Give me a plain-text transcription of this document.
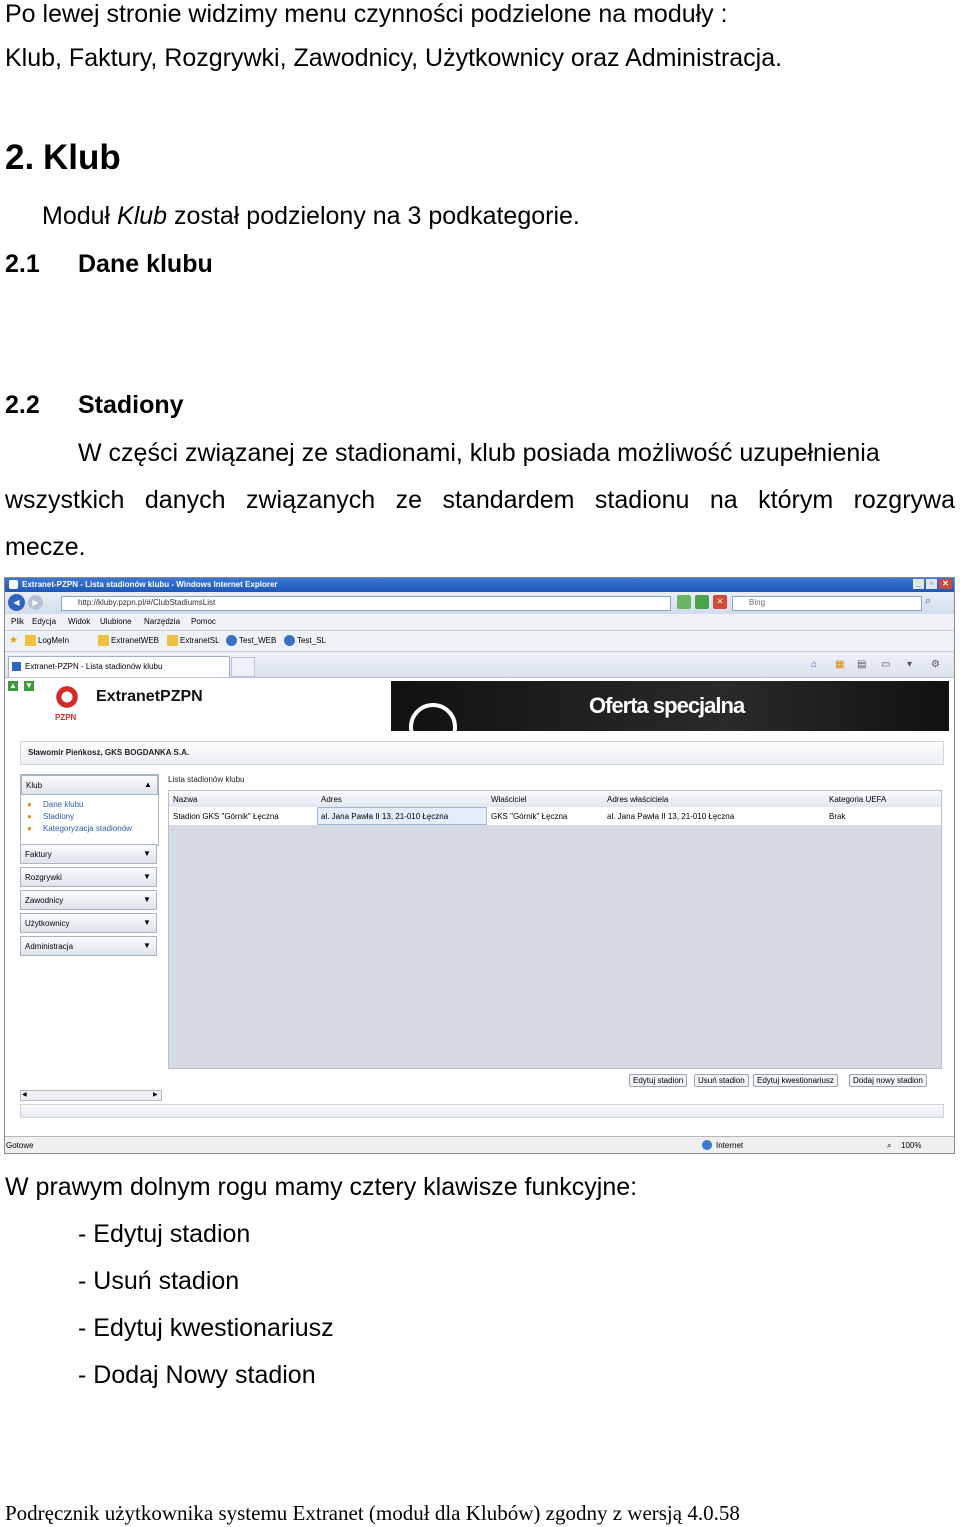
Po lewej stronie widzimy menu czynności podzielone na moduły :
Klub, Faktury, Rozgrywki, Zawodnicy, Użytkownicy oraz Administracja.
2. Klub
Moduł Klub został podzielony na 3 podkategorie.
2.1 Dane klubu
2.2 Stadiony
W części związanej ze stadionami, klub posiada możliwość uzupełnienia
wszystkich danych związanych ze standardem stadionu na którym rozgrywa
mecze.
Extranet-PZPN - Lista stadionów klubu - Windows Internet Explorer	_	▫	✕
◀	▶	http://kluby.pzpn.pl/#/ClubStadiumsList	✕	Bing	⌕
Plik Edycja Widok Ulubione Narzędzia Pomoc
★	LogMeIn	ExtranetWEB	ExtranetSL Test_WEB	Test_SL
Extranet-PZPN - Lista stadionów klubu	⌂ ▦ ▤ ▭ ▾ ⚙
▲ ▼
PZPN
ExtranetPZPN	Oferta specjalna
Sławomir Pieńkosz, GKS BOGDANKA S.A.
Klub	▲
● Dane klubu
● Stadiony
● Kategoryzacja stadionów
Faktury	▼
Rozgrywki	▼
Zawodnicy	▼
Użytkownicy	▼
Administracja	▼
Lista stadionów klubu
Nazwa	Adres	Właściciel	Adres właściciela	Kategoria UEFA
Stadion GKS "Górnik" Łęczna	al. Jana Pawła II 13, 21-010 Łęczna	GKS "Górnik" Łęczna	al. Jana Pawła II 13, 21-010 Łęczna	Brak
Edytuj stadion	Usuń stadion	Edytuj kwestionariusz	Dodaj nowy stadion
◀	▶
Gotowe	Internet	⌕ 100%
W prawym dolnym rogu mamy cztery klawisze funkcyjne:
- Edytuj stadion
- Usuń stadion
- Edytuj kwestionariusz
- Dodaj Nowy stadion
Podręcznik użytkownika systemu Extranet (moduł dla Klubów) zgodny z wersją 4.0.58
